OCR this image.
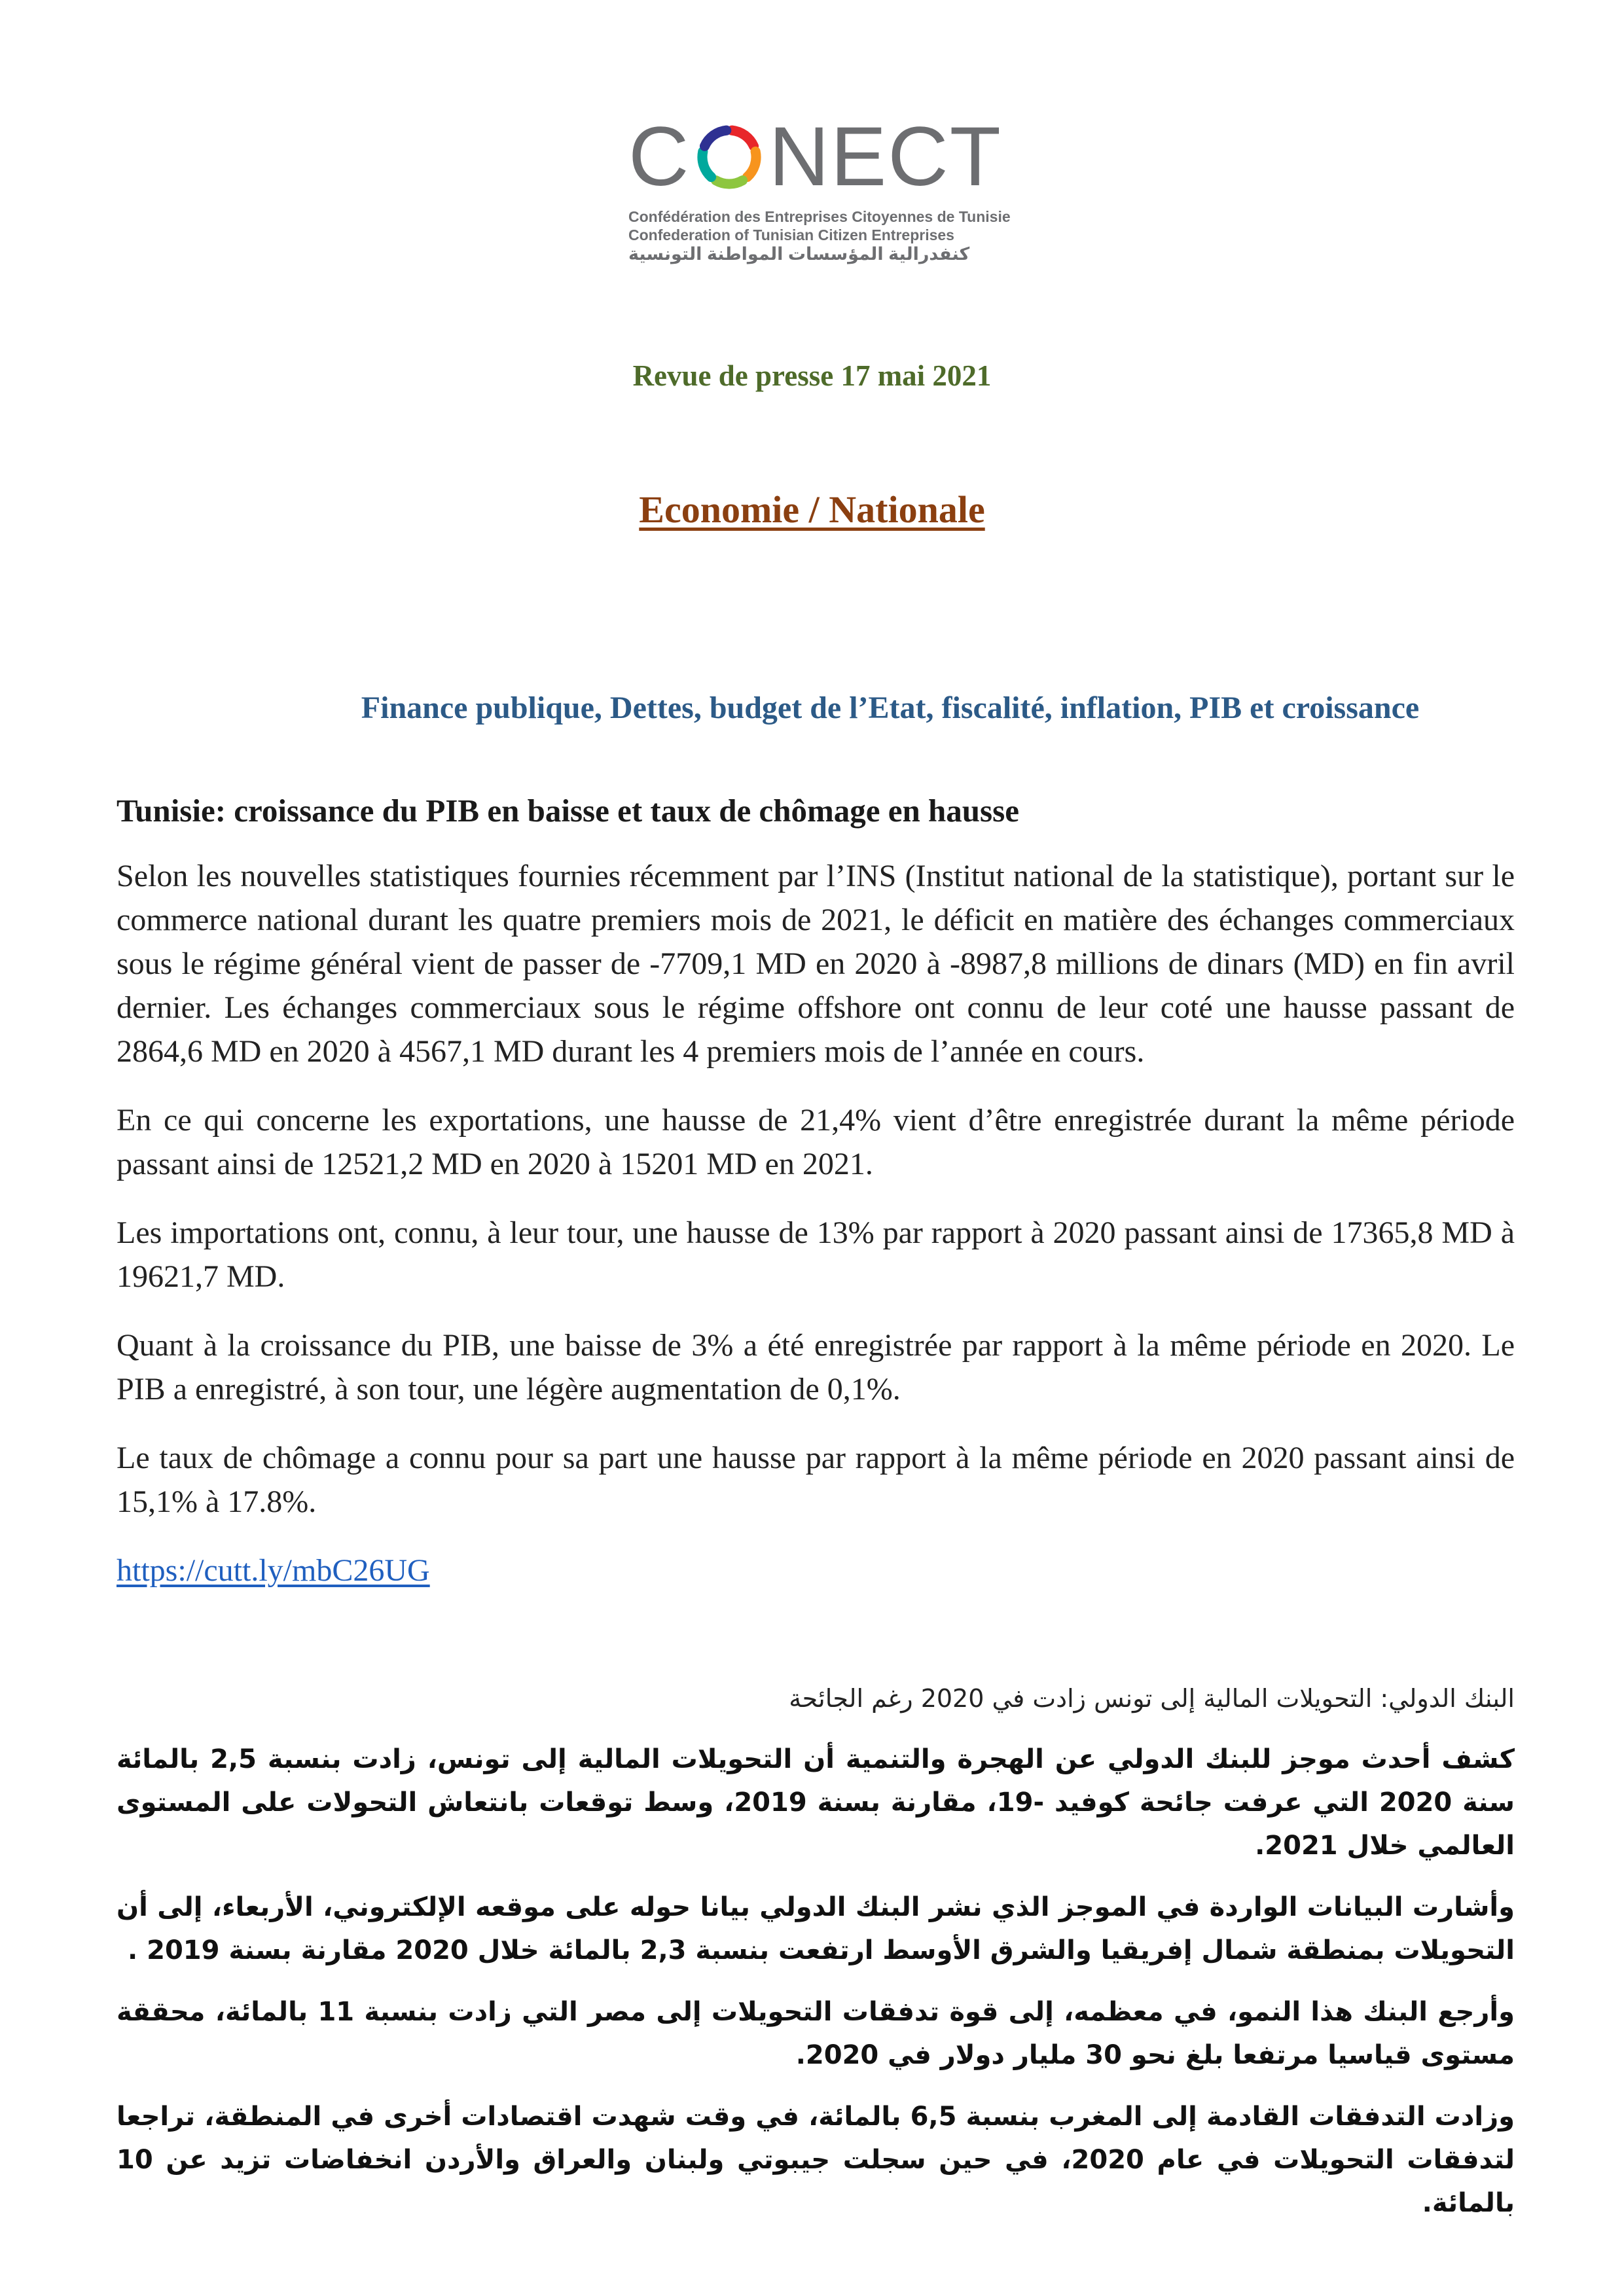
C NECT
Confédération des Entreprises Citoyennes de Tunisie
Confederation of Tunisian Citizen Entreprises
كنفدرالية المؤسسات المواطنة التونسية
Revue de presse 17 mai 2021
Economie / Nationale
Finance publique, Dettes, budget de l’Etat, fiscalité, inflation, PIB et croissance
Tunisie: croissance du PIB en baisse et taux de chômage en hausse

Selon les nouvelles statistiques fournies récemment par l’INS (Institut national de la statistique), portant sur le commerce national durant les quatre premiers mois de 2021, le déficit en matière des échanges commerciaux sous le régime général vient de passer de -7709,1 MD en 2020 à -8987,8 millions de dinars (MD) en fin avril dernier. Les échanges commerciaux sous le régime offshore ont connu de leur coté une hausse passant de 2864,6 MD en 2020 à 4567,1 MD durant les 4 premiers mois de l’année en cours.

En ce qui concerne les exportations, une hausse de 21,4% vient d’être enregistrée durant la même période passant ainsi de 12521,2 MD en 2020 à 15201 MD en 2021.

Les importations ont, connu, à leur tour, une hausse de 13% par rapport à 2020 passant ainsi de 17365,8 MD à 19621,7 MD.

Quant à la croissance du PIB, une baisse de 3% a été enregistrée par rapport à la même période en 2020. Le PIB a enregistré, à son tour, une légère augmentation de 0,1%.

Le taux de chômage a connu pour sa part une hausse par rapport à la même période en 2020 passant ainsi de 15,1% à 17.8%.

https://cutt.ly/mbC26UG
البنك الدولي: التحويلات المالية إلى تونس زادت في 2020 رغم الجائحة

كشف أحدث موجز للبنك الدولي عن الهجرة والتنمية أن التحويلات المالية إلى تونس، زادت بنسبة 2,5 بالمائة سنة 2020 التي عرفت جائحة كوفيد -19، مقارنة بسنة 2019، وسط توقعات بانتعاش التحولات على المستوى العالمي خلال 2021.

وأشارت البيانات الواردة في الموجز الذي نشر البنك الدولي بيانا حوله على موقعه الإلكتروني، الأربعاء، إلى أن التحويلات بمنطقة شمال إفريقيا والشرق الأوسط ارتفعت بنسبة 2,3 بالمائة خلال 2020 مقارنة بسنة 2019 .

وأرجع البنك هذا النمو، في معظمه، إلى قوة تدفقات التحويلات إلى مصر التي زادت بنسبة 11 بالمائة، محققة مستوى قياسيا مرتفعا بلغ نحو 30 مليار دولار في 2020.

وزادت التدفقات القادمة إلى المغرب بنسبة 6,5 بالمائة، في وقت شهدت اقتصادات أخرى في المنطقة، تراجعا لتدفقات التحويلات في عام 2020، في حين سجلت جيبوتي ولبنان والعراق والأردن انخفاضات تزيد عن 10 بالمائة.
